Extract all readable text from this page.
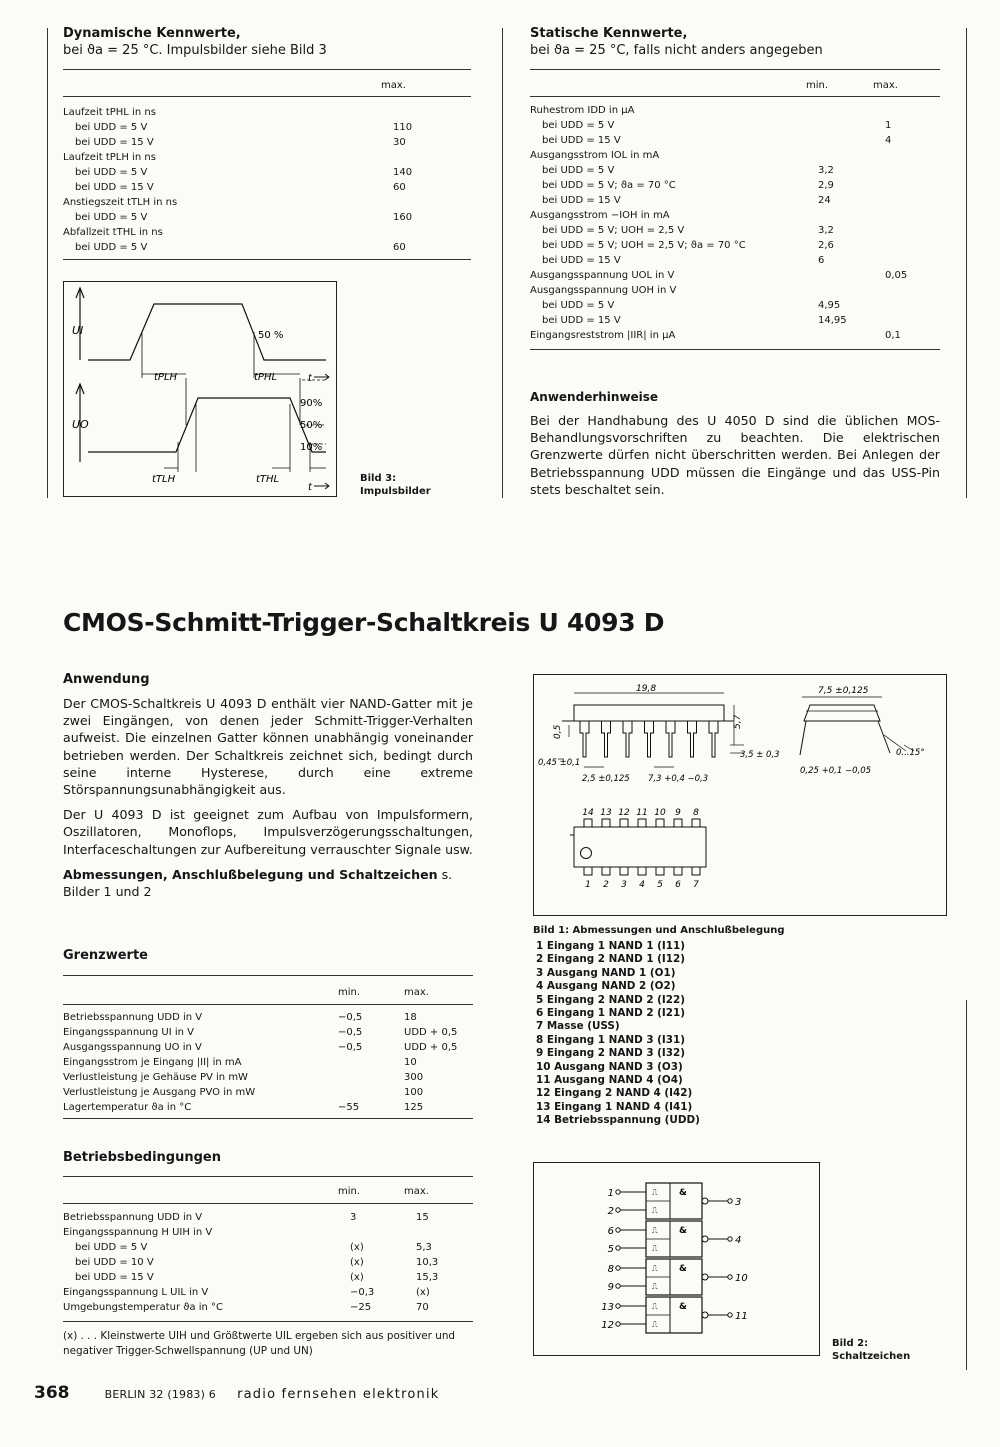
Dynamische Kennwerte,
bei ϑa = 25 °C. Impulsbilder siehe Bild 3
max.
Laufzeit tPHL in ns	
bei UDD = 5 V	110
bei UDD = 15 V	30
Laufzeit tPLH in ns	
bei UDD = 5 V	140
bei UDD = 15 V	60
Anstiegszeit tTLH in ns	
bei UDD = 5 V	160
Abfallzeit tTHL in ns	
bei UDD = 5 V	60
UI
UO
50 %
90%
50%
10%
tPLH	tPHL
tTLH	tTHL
t
t
Bild 3:
Impulsbilder
Statische Kennwerte,
bei ϑa = 25 °C, falls nicht anders angegeben
min.	max.
Ruhestrom IDD in µA		
bei UDD = 5 V		1
bei UDD = 15 V		4
Ausgangsstrom IOL in mA		
bei UDD = 5 V	3,2	
bei UDD = 5 V; ϑa = 70 °C	2,9	
bei UDD = 15 V	24	
Ausgangsstrom −IOH in mA		
bei UDD = 5 V; UOH = 2,5 V	3,2	
bei UDD = 5 V; UOH = 2,5 V; ϑa = 70 °C	2,6	
bei UDD = 15 V	6	
Ausgangsspannung UOL in V		0,05
Ausgangsspannung UOH in V		
bei UDD = 5 V	4,95	
bei UDD = 15 V	14,95	
Eingangsreststrom |IIR| in µA		0,1
Anwenderhinweise

Bei der Handhabung des U 4050 D sind die üblichen MOS-Behandlungsvorschriften zu beachten. Die elektrischen Grenzwerte dürfen nicht überschritten werden. Bei Anlegen der Betriebsspannung UDD müssen die Eingänge und das USS-Pin stets beschaltet sein.

CMOS-Schmitt-Trigger-Schaltkreis U 4093 D
Anwendung

Der CMOS-Schaltkreis U 4093 D enthält vier NAND-Gatter mit je zwei Eingängen, von denen jeder Schmitt-Trigger-Verhalten aufweist. Die einzelnen Gatter können unabhängig voneinander betrieben werden. Der Schaltkreis zeichnet sich, bedingt durch seine interne Hysterese, durch eine extreme Störspannungsunabhängigkeit aus.

Der U 4093 D ist geeignet zum Aufbau von Impulsformern, Oszillatoren, Monoflops, Impulsverzögerungsschaltungen, Interfaceschaltungen zur Aufbereitung verrauschter Signale usw.

Abmessungen, Anschlußbelegung und Schaltzeichen s. Bilder 1 und 2

Grenzwerte
min.	max.
Betriebsspannung UDD in V	−0,5	18
Eingangsspannung UI in V	−0,5	UDD + 0,5
Ausgangsspannung UO in V	−0,5	UDD + 0,5
Eingangsstrom je Eingang |II| in mA		10
Verlustleistung je Gehäuse PV in mW		300
Verlustleistung je Ausgang PVO in mW		100
Lagertemperatur ϑa in °C	−55	125
Betriebsbedingungen
min.	max.
Betriebsspannung UDD in V	3	15
Eingangsspannung H UIH in V		
bei UDD = 5 V	(x)	5,3
bei UDD = 10 V	(x)	10,3
bei UDD = 15 V	(x)	15,3
Eingangsspannung L UIL in V	−0,3	(x)
Umgebungstemperatur ϑa in °C	−25	70
(x) . . . Kleinstwerte UIH und Größtwerte UIL ergeben sich aus positiver und negativer Trigger-Schwellspannung (UP und UN)
19,8	7,5 ±0,125
5,7
0,5
0,45 ±0,1
2,5 ±0,125
3,5 ± 0,3
7,3 +0,4 −0,3
0,25 +0,1 −0,05
0...15°
14 13 12 11 10 9 8
1 2 3 4 5 6 7
Bild 1: Abmessungen und Anschlußbelegung
1 Eingang 1 NAND 1 (I11)
2 Eingang 2 NAND 1 (I12)
3 Ausgang NAND 1 (O1)
4 Ausgang NAND 2 (O2)
5 Eingang 2 NAND 2 (I22)
6 Eingang 1 NAND 2 (I21)
7 Masse (USS)
8 Eingang 1 NAND 3 (I31)
9 Eingang 2 NAND 3 (I32)
10 Ausgang NAND 3 (O3)
11 Ausgang NAND 4 (O4)
12 Eingang 2 NAND 4 (I42)
13 Eingang 1 NAND 4 (I41)
14 Betriebsspannung (UDD)
&
⎍
1
⎍
2
3
&
⎍
6
⎍
5
4
&
⎍
8
⎍
9
10
&
⎍
13
⎍
12
11
Bild 2:
Schaltzeichen
368	BERLIN 32 (1983) 6 radio fernsehen elektronik
